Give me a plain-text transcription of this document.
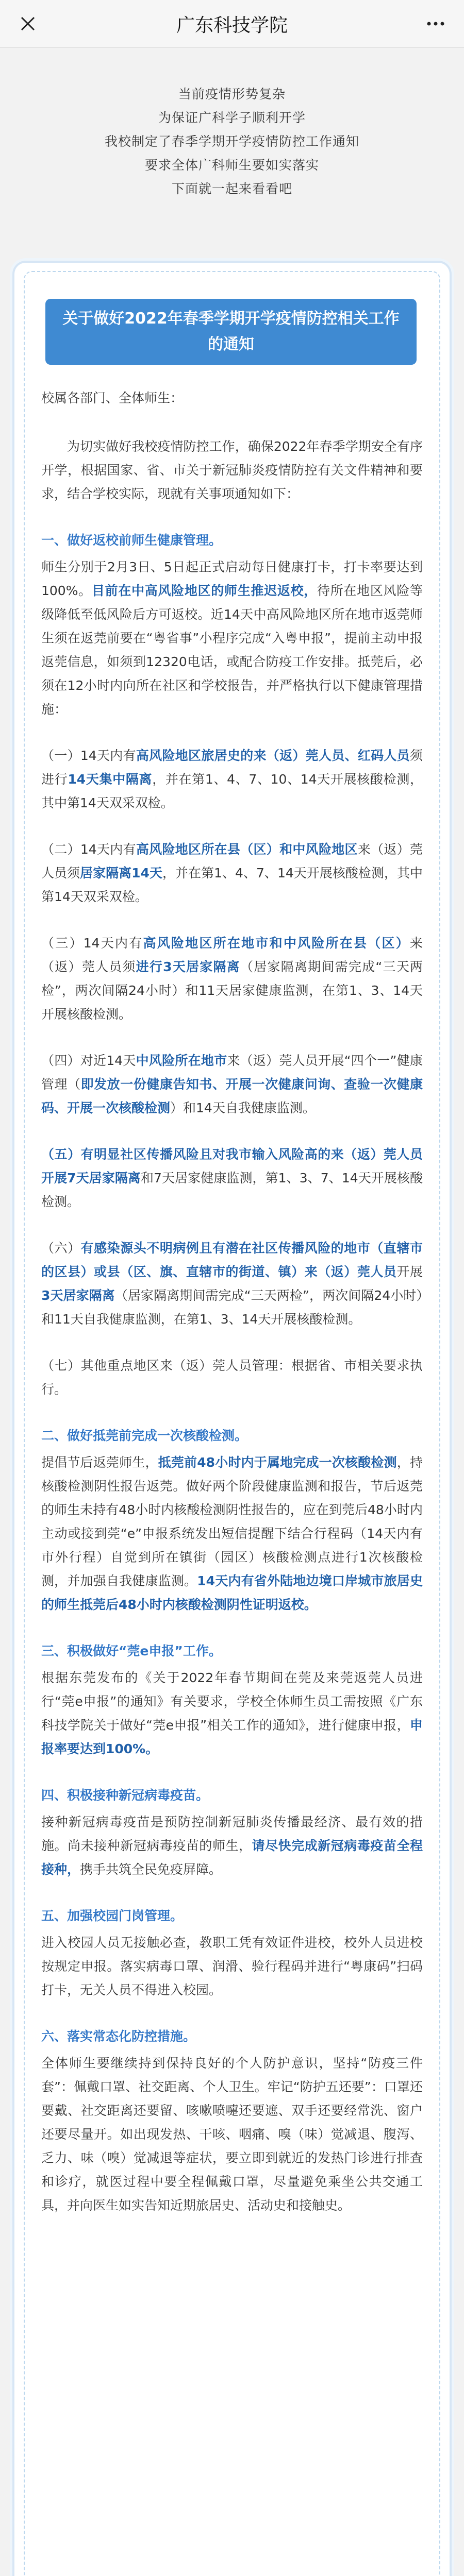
广东科技学院

当前疫情形势复杂

为保证广科学子顺利开学

我校制定了春季学期开学疫情防控工作通知

要求全体广科师生要如实落实

下面就一起来看看吧

关于做好2022年春季学期开学疫情防控相关工作的通知

校属各部门、全体师生：

为切实做好我校疫情防控工作，确保2022年春季学期安全有序开学，根据国家、省、市关于新冠肺炎疫情防控有关文件精神和要求，结合学校实际，现就有关事项通知如下：

一、做好返校前师生健康管理。

师生分别于2月3日、5日起正式启动每日健康打卡，打卡率要达到100%。目前在中高风险地区的师生推迟返校，待所在地区风险等级降低至低风险后方可返校。近14天中高风险地区所在地市返莞师生须在返莞前要在“粤省事”小程序完成“入粤申报”，提前主动申报返莞信息，如须到12320电话，或配合防疫工作安排。抵莞后，必须在12小时内向所在社区和学校报告，并严格执行以下健康管理措施：

（一）14天内有高风险地区旅居史的来（返）莞人员、红码人员须进行14天集中隔离，并在第1、4、7、10、14天开展核酸检测，其中第14天双采双检。

（二）14天内有高风险地区所在县（区）和中风险地区来（返）莞人员须居家隔离14天，并在第1、4、7、14天开展核酸检测，其中第14天双采双检。

（三）14天内有高风险地区所在地市和中风险所在县（区）来（返）莞人员须进行3天居家隔离（居家隔离期间需完成“三天两检”，两次间隔24小时）和11天居家健康监测，在第1、3、14天开展核酸检测。

（四）对近14天中风险所在地市来（返）莞人员开展“四个一”健康管理（即发放一份健康告知书、开展一次健康问询、查验一次健康码、开展一次核酸检测）和14天自我健康监测。

（五）有明显社区传播风险且对我市输入风险高的来（返）莞人员开展7天居家隔离和7天居家健康监测，第1、3、7、14天开展核酸检测。

（六）有感染源头不明病例且有潜在社区传播风险的地市（直辖市的区县）或县（区、旗、直辖市的街道、镇）来（返）莞人员开展3天居家隔离（居家隔离期间需完成“三天两检”，两次间隔24小时）和11天自我健康监测，在第1、3、14天开展核酸检测。

（七）其他重点地区来（返）莞人员管理：根据省、市相关要求执行。

二、做好抵莞前完成一次核酸检测。

提倡节后返莞师生，抵莞前48小时内于属地完成一次核酸检测，持核酸检测阴性报告返莞。做好两个阶段健康监测和报告，节后返莞的师生未持有48小时内核酸检测阴性报告的，应在到莞后48小时内主动或接到莞“e”申报系统发出短信提醒下结合行程码（14天内有市外行程）自觉到所在镇街（园区）核酸检测点进行1次核酸检测，并加强自我健康监测。14天内有省外陆地边境口岸城市旅居史的师生抵莞后48小时内核酸检测阴性证明返校。

三、积极做好“莞e申报”工作。

根据东莞发布的《关于2022年春节期间在莞及来莞返莞人员进行“莞e申报”的通知》有关要求，学校全体师生员工需按照《广东科技学院关于做好“莞e申报”相关工作的通知》，进行健康申报，申报率要达到100%。

四、积极接种新冠病毒疫苗。

接种新冠病毒疫苗是预防控制新冠肺炎传播最经济、最有效的措施。尚未接种新冠病毒疫苗的师生，请尽快完成新冠病毒疫苗全程接种，携手共筑全民免疫屏障。

五、加强校园门岗管理。

进入校园人员无接触必查，教职工凭有效证件进校，校外人员进校按规定申报。落实病毒口罩、润滑、验行程码并进行“粤康码”扫码打卡，无关人员不得进入校园。

六、落实常态化防控措施。

全体师生要继续持到保持良好的个人防护意识，坚持“防疫三件套”：佩戴口罩、社交距离、个人卫生。牢记“防护五还要”：口罩还要戴、社交距离还要留、咳嗽喷嚏还要遮、双手还要经常洗、窗户还要尽量开。如出现发热、干咳、咽痛、嗅（味）觉减退、腹泻、乏力、味（嗅）觉减退等症状，要立即到就近的发热门诊进行排查和诊疗，就医过程中要全程佩戴口罩，尽量避免乘坐公共交通工具，并向医生如实告知近期旅居史、活动史和接触史。
